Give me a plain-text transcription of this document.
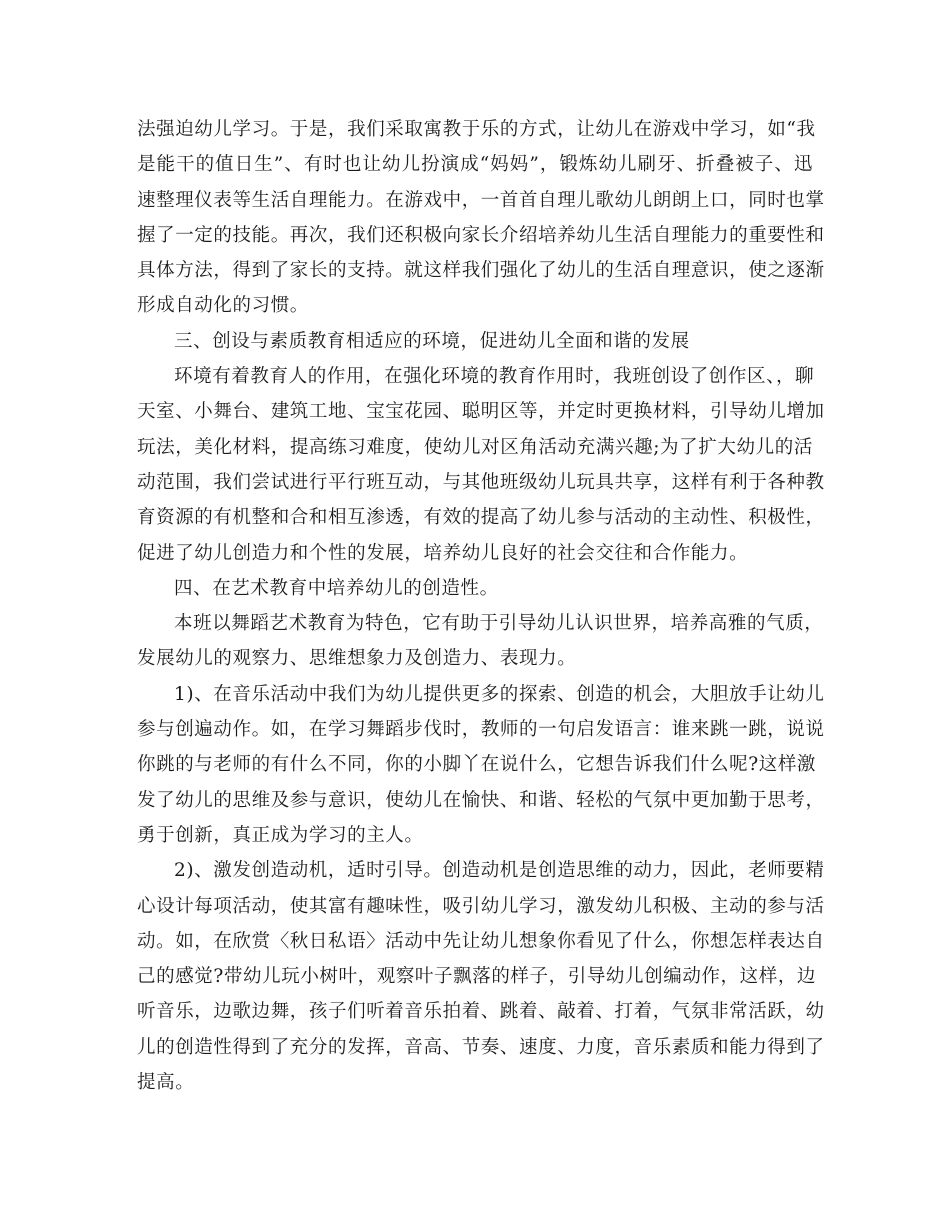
法强迫幼儿学习。于是，我们采取寓教于乐的方式，让幼儿在游戏中学习，如“我
是能干的值日生”、有时也让幼儿扮演成“妈妈”，锻炼幼儿刷牙、折叠被子、迅
速整理仪表等生活自理能力。在游戏中，一首首自理儿歌幼儿朗朗上口，同时也掌
握了一定的技能。再次，我们还积极向家长介绍培养幼儿生活自理能力的重要性和
具体方法，得到了家长的支持。就这样我们强化了幼儿的生活自理意识，使之逐渐
形成自动化的习惯。
三、创设与素质教育相适应的环境，促进幼儿全面和谐的发展
环境有着教育人的作用，在强化环境的教育作用时，我班创设了创作区、，聊
天室、小舞台、建筑工地、宝宝花园、聪明区等，并定时更换材料，引导幼儿增加
玩法，美化材料，提高练习难度，使幼儿对区角活动充满兴趣;为了扩大幼儿的活
动范围，我们尝试进行平行班互动，与其他班级幼儿玩具共享，这样有利于各种教
育资源的有机整和合和相互渗透，有效的提高了幼儿参与活动的主动性、积极性，
促进了幼儿创造力和个性的发展，培养幼儿良好的社会交往和合作能力。
四、在艺术教育中培养幼儿的创造性。
本班以舞蹈艺术教育为特色，它有助于引导幼儿认识世界，培养高雅的气质，
发展幼儿的观察力、思维想象力及创造力、表现力。
1)、在音乐活动中我们为幼儿提供更多的探索、创造的机会，大胆放手让幼儿
参与创遍动作。如，在学习舞蹈步伐时，教师的一句启发语言：谁来跳一跳，说说
你跳的与老师的有什么不同，你的小脚丫在说什么，它想告诉我们什么呢?这样激
发了幼儿的思维及参与意识，使幼儿在愉快、和谐、轻松的气氛中更加勤于思考，
勇于创新，真正成为学习的主人。
2)、激发创造动机，适时引导。创造动机是创造思维的动力，因此，老师要精
心设计每项活动，使其富有趣味性，吸引幼儿学习，激发幼儿积极、主动的参与活
动。如，在欣赏〈秋日私语〉活动中先让幼儿想象你看见了什么，你想怎样表达自
己的感觉?带幼儿玩小树叶，观察叶子飘落的样子，引导幼儿创编动作，这样，边
听音乐，边歌边舞，孩子们听着音乐拍着、跳着、敲着、打着，气氛非常活跃，幼
儿的创造性得到了充分的发挥，音高、节奏、速度、力度，音乐素质和能力得到了
提高。
